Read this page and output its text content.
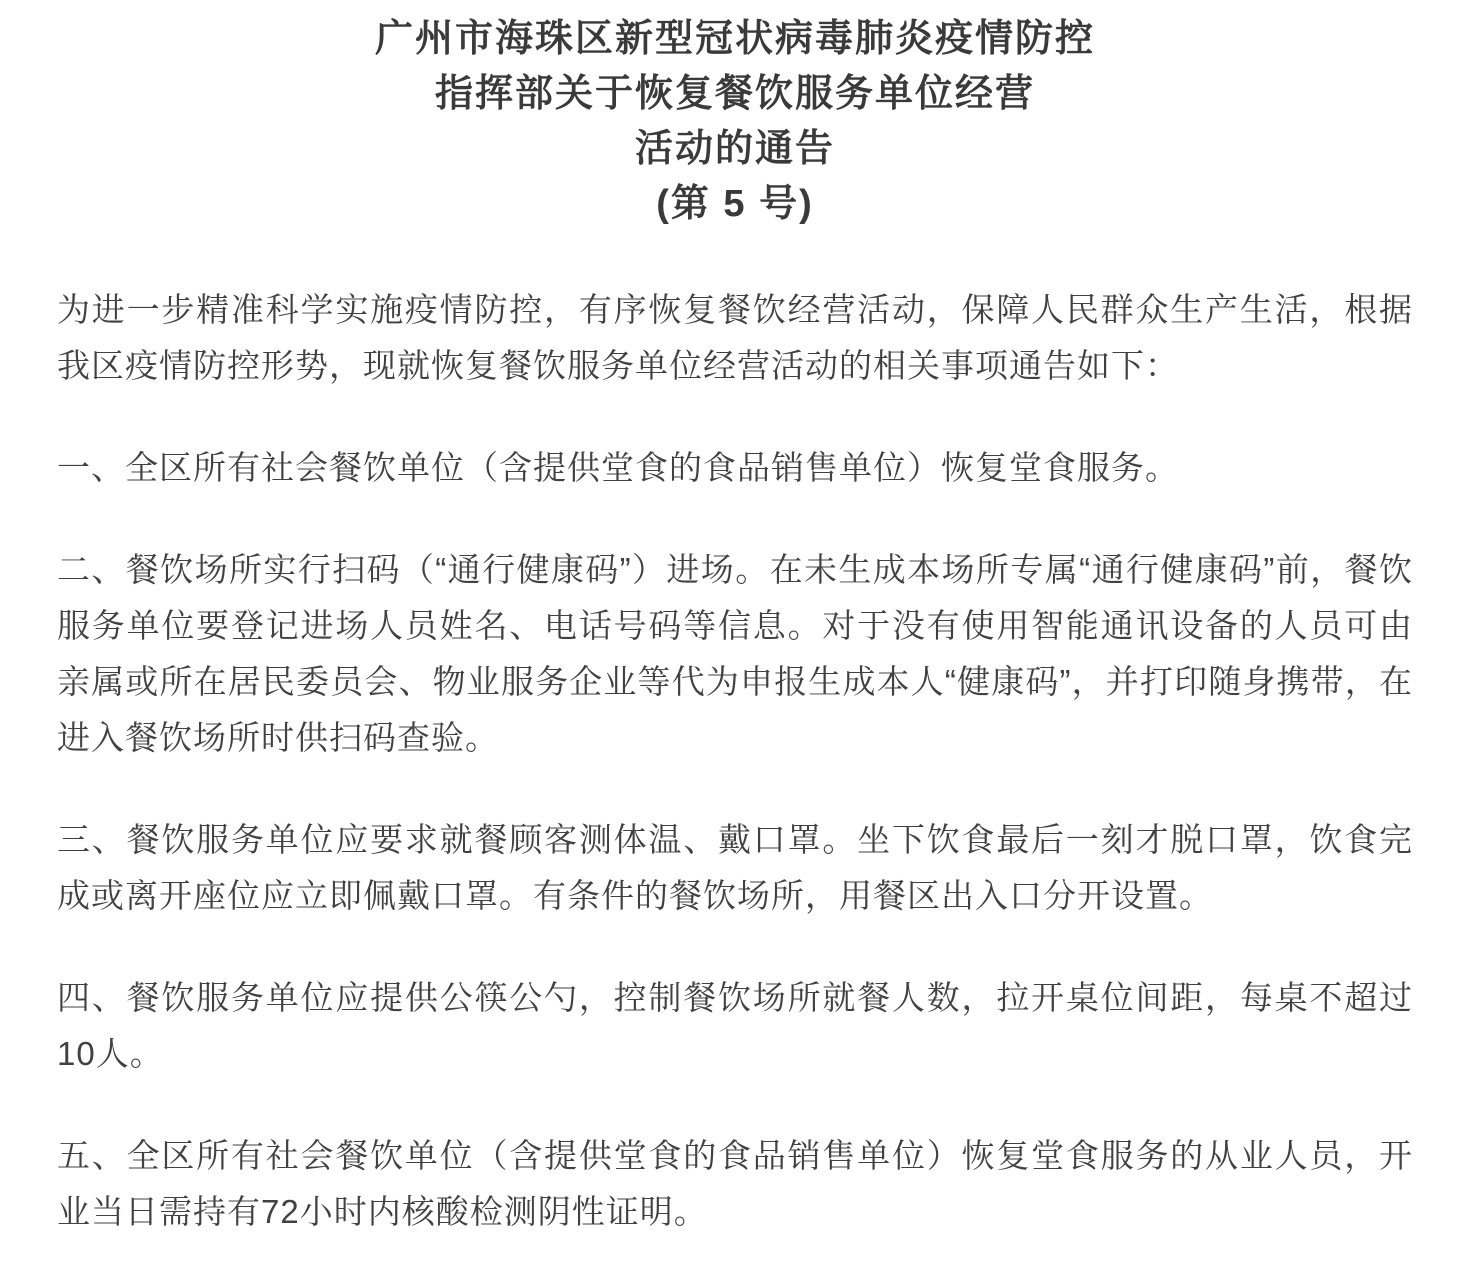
广州市海珠区新型冠状病毒肺炎疫情防控
指挥部关于恢复餐饮服务单位经营
活动的通告
(第 5 号)

为进一步精准科学实施疫情防控，有序恢复餐饮经营活动，保障人民群众生产生活，根据我区疫情防控形势，现就恢复餐饮服务单位经营活动的相关事项通告如下：

一、全区所有社会餐饮单位（含提供堂食的食品销售单位）恢复堂食服务。

二、餐饮场所实行扫码（“通行健康码”）进场。在未生成本场所专属“通行健康码”前，餐饮服务单位要登记进场人员姓名、电话号码等信息。对于没有使用智能通讯设备的人员可由亲属或所在居民委员会、物业服务企业等代为申报生成本人“健康码”，并打印随身携带，在进入餐饮场所时供扫码查验。

三、餐饮服务单位应要求就餐顾客测体温、戴口罩。坐下饮食最后一刻才脱口罩，饮食完成或离开座位应立即佩戴口罩。有条件的餐饮场所，用餐区出入口分开设置。

四、餐饮服务单位应提供公筷公勺，控制餐饮场所就餐人数，拉开桌位间距，每桌不超过10人。

五、全区所有社会餐饮单位（含提供堂食的食品销售单位）恢复堂食服务的从业人员，开业当日需持有72小时内核酸检测阴性证明。
